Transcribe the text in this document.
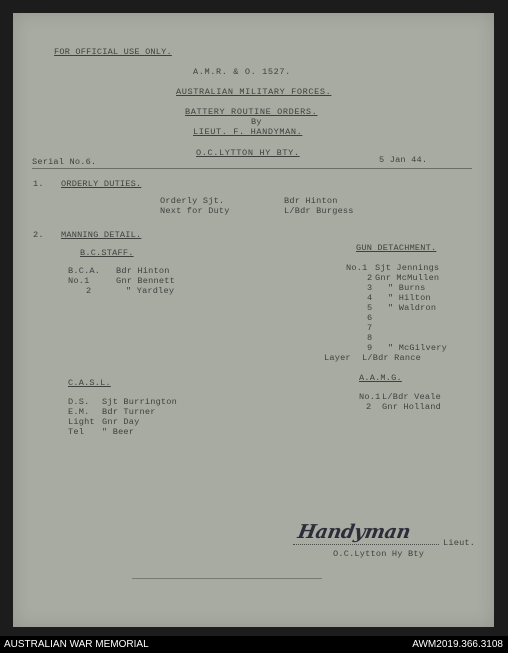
FOR OFFICIAL USE ONLY.
A.M.R. & O. 1527.
AUSTRALIAN MILITARY FORCES.
BATTERY ROUTINE ORDERS.
By
LIEUT. F. HANDYMAN.
O.C.LYTTON HY BTY.
Serial No.6.	5 Jan 44.
1. ORDERLY DUTIES.
Orderly Sjt.	Bdr Hinton
Next for Duty	L/Bdr Burgess
2. MANNING DETAIL.
B.C.STAFF.
B.C.A. Bdr Hinton
No.1	Gnr Bennett
2	" Yardley
GUN DETACHMENT.
No.1 Sjt Jennings
2 Gnr McMullen
3 " Burns
4 " Hilton
5 " Waldron
6
7
8
9 " McGilvery
Layer L/Bdr Rance
A.A.M.G.
No.1 L/Bdr Veale
2 Gnr Holland
C.A.S.L.
D.S. Sjt Burrington
E.M. Bdr Turner
Light Gnr Day
Tel " Beer
Handyman	Lieut.
O.C.Lytton Hy Bty
AUSTRALIAN WAR MEMORIAL	AWM2019.366.3108
